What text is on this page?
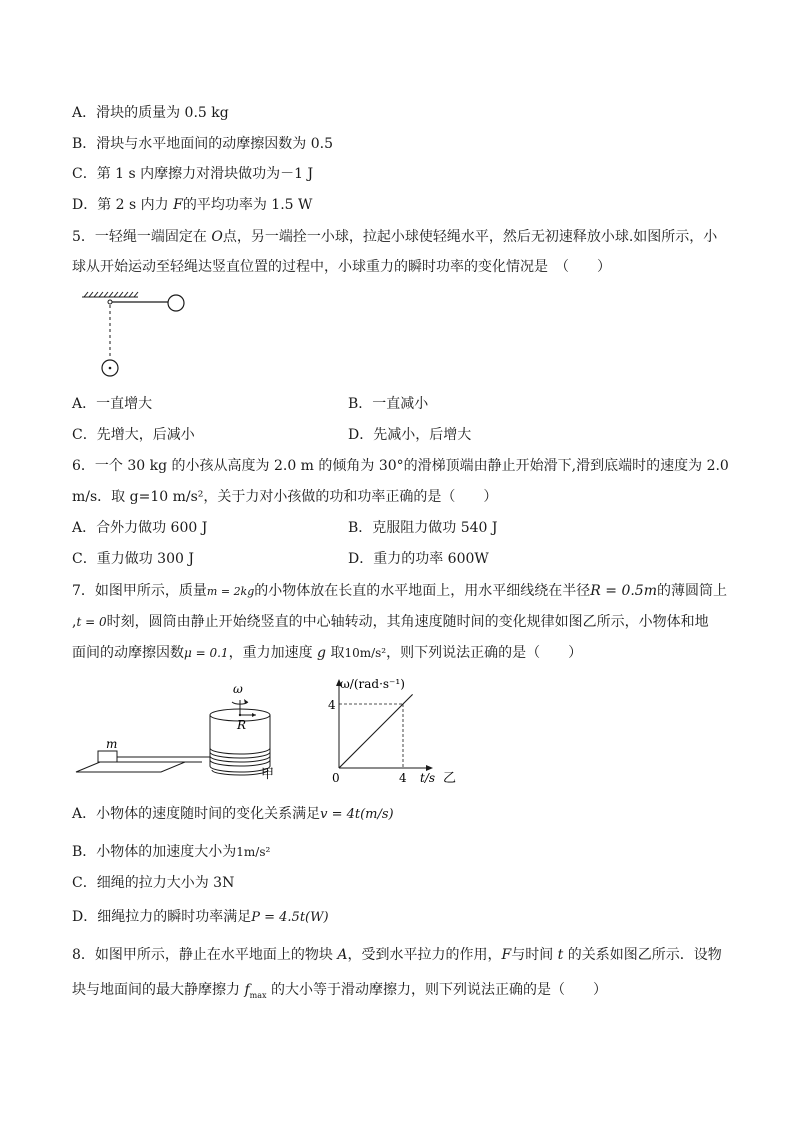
A．滑块的质量为 0.5 kg
B．滑块与水平地面间的动摩擦因数为 0.5
C．第 1 s 内摩擦力对滑块做功为－1 J
D．第 2 s 内力 F的平均功率为 1.5 W
5．一轻绳一端固定在 O点，另一端拴一小球，拉起小球使轻绳水平，然后无初速释放小球.如图所示，小
球从开始运动至轻绳达竖直位置的过程中，小球重力的瞬时功率的变化情况是　（　　）
A．一直增大	B．一直减小
C．先增大，后减小	D．先减小，后增大
6．一个 30 kg 的小孩从高度为 2.0 m 的倾角为 30°的滑梯顶端由静止开始滑下,滑到底端时的速度为 2.0
m/s．取 g=10 m/s²，关于力对小孩做的功和功率正确的是（　　）
A．合外力做功 600 J	B．克服阻力做功 540 J
C．重力做功 300 J	D．重力的功率 600W
7．如图甲所示，质量m = 2kg的小物体放在长直的水平地面上，用水平细线绕在半径R = 0.5m的薄圆筒上
,t = 0时刻，圆筒由静止开始绕竖直的中心轴转动，其角速度随时间的变化规律如图乙所示，小物体和地
面间的动摩擦因数μ = 0.1，重力加速度 g 取10m/s²，则下列说法正确的是（　　）
m
ω
R
甲
ω/(rad·s⁻¹)
t/s 乙
0
4
4
A．小物体的速度随时间的变化关系满足v = 4t(m/s)
B．小物体的加速度大小为1m/s²
C．细绳的拉力大小为 3N
D．细绳拉力的瞬时功率满足P = 4.5t(W)
8．如图甲所示，静止在水平地面上的物块 A，受到水平拉力的作用，F与时间 t 的关系如图乙所示．设物
块与地面间的最大静摩擦力 $f_{max}$ 的大小等于滑动摩擦力，则下列说法正确的是（　　）
